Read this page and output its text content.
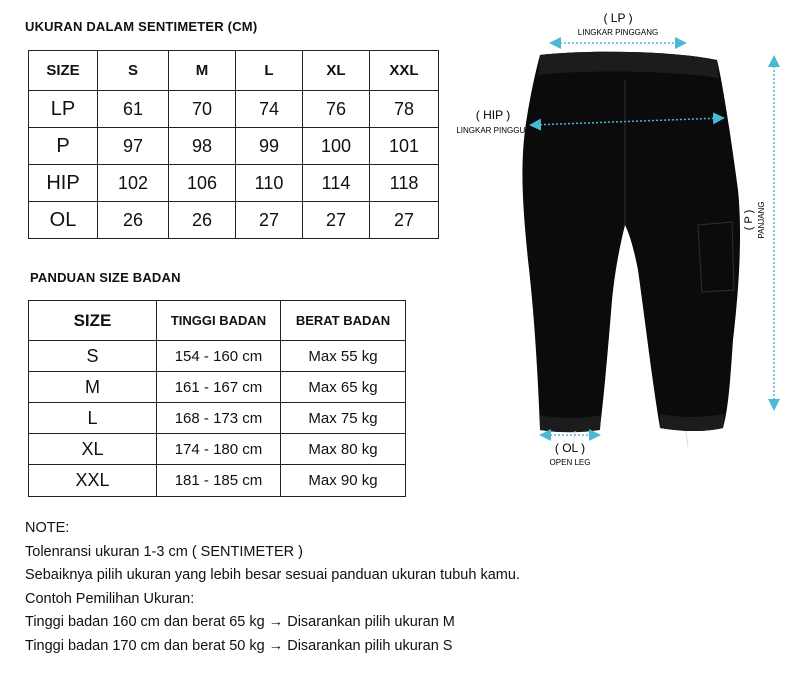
UKURAN DALAM SENTIMETER (CM)
SIZE	S	M	L	XL	XXL
LP	61	70	74	76	78
P	97	98	99	100	101
HIP	102	106	110	114	118
OL	26	26	27	27	27
PANDUAN SIZE BADAN
SIZE	TINGGI BADAN	BERAT BADAN
S	154 - 160 cm	Max 55 kg
M	161 - 167 cm	Max 65 kg
L	168 - 173 cm	Max 75 kg
XL	174 - 180 cm	Max 80 kg
XXL	181 - 185 cm	Max 90 kg
NOTE:
Tolenransi ukuran 1-3 cm ( SENTIMETER )
Sebaiknya pilih ukuran yang lebih besar sesuai panduan ukuran tubuh kamu.
Contoh Pemilihan Ukuran:
Tinggi badan 160 cm dan berat 65 kg → Disarankan pilih ukuran M
Tinggi badan 170 cm dan berat 50 kg → Disarankan pilih ukuran S
( LP )
LINGKAR PINGGANG
( HIP )
LINGKAR PINGGUL
( P ) PANJANG
( OL )
OPEN LEG
